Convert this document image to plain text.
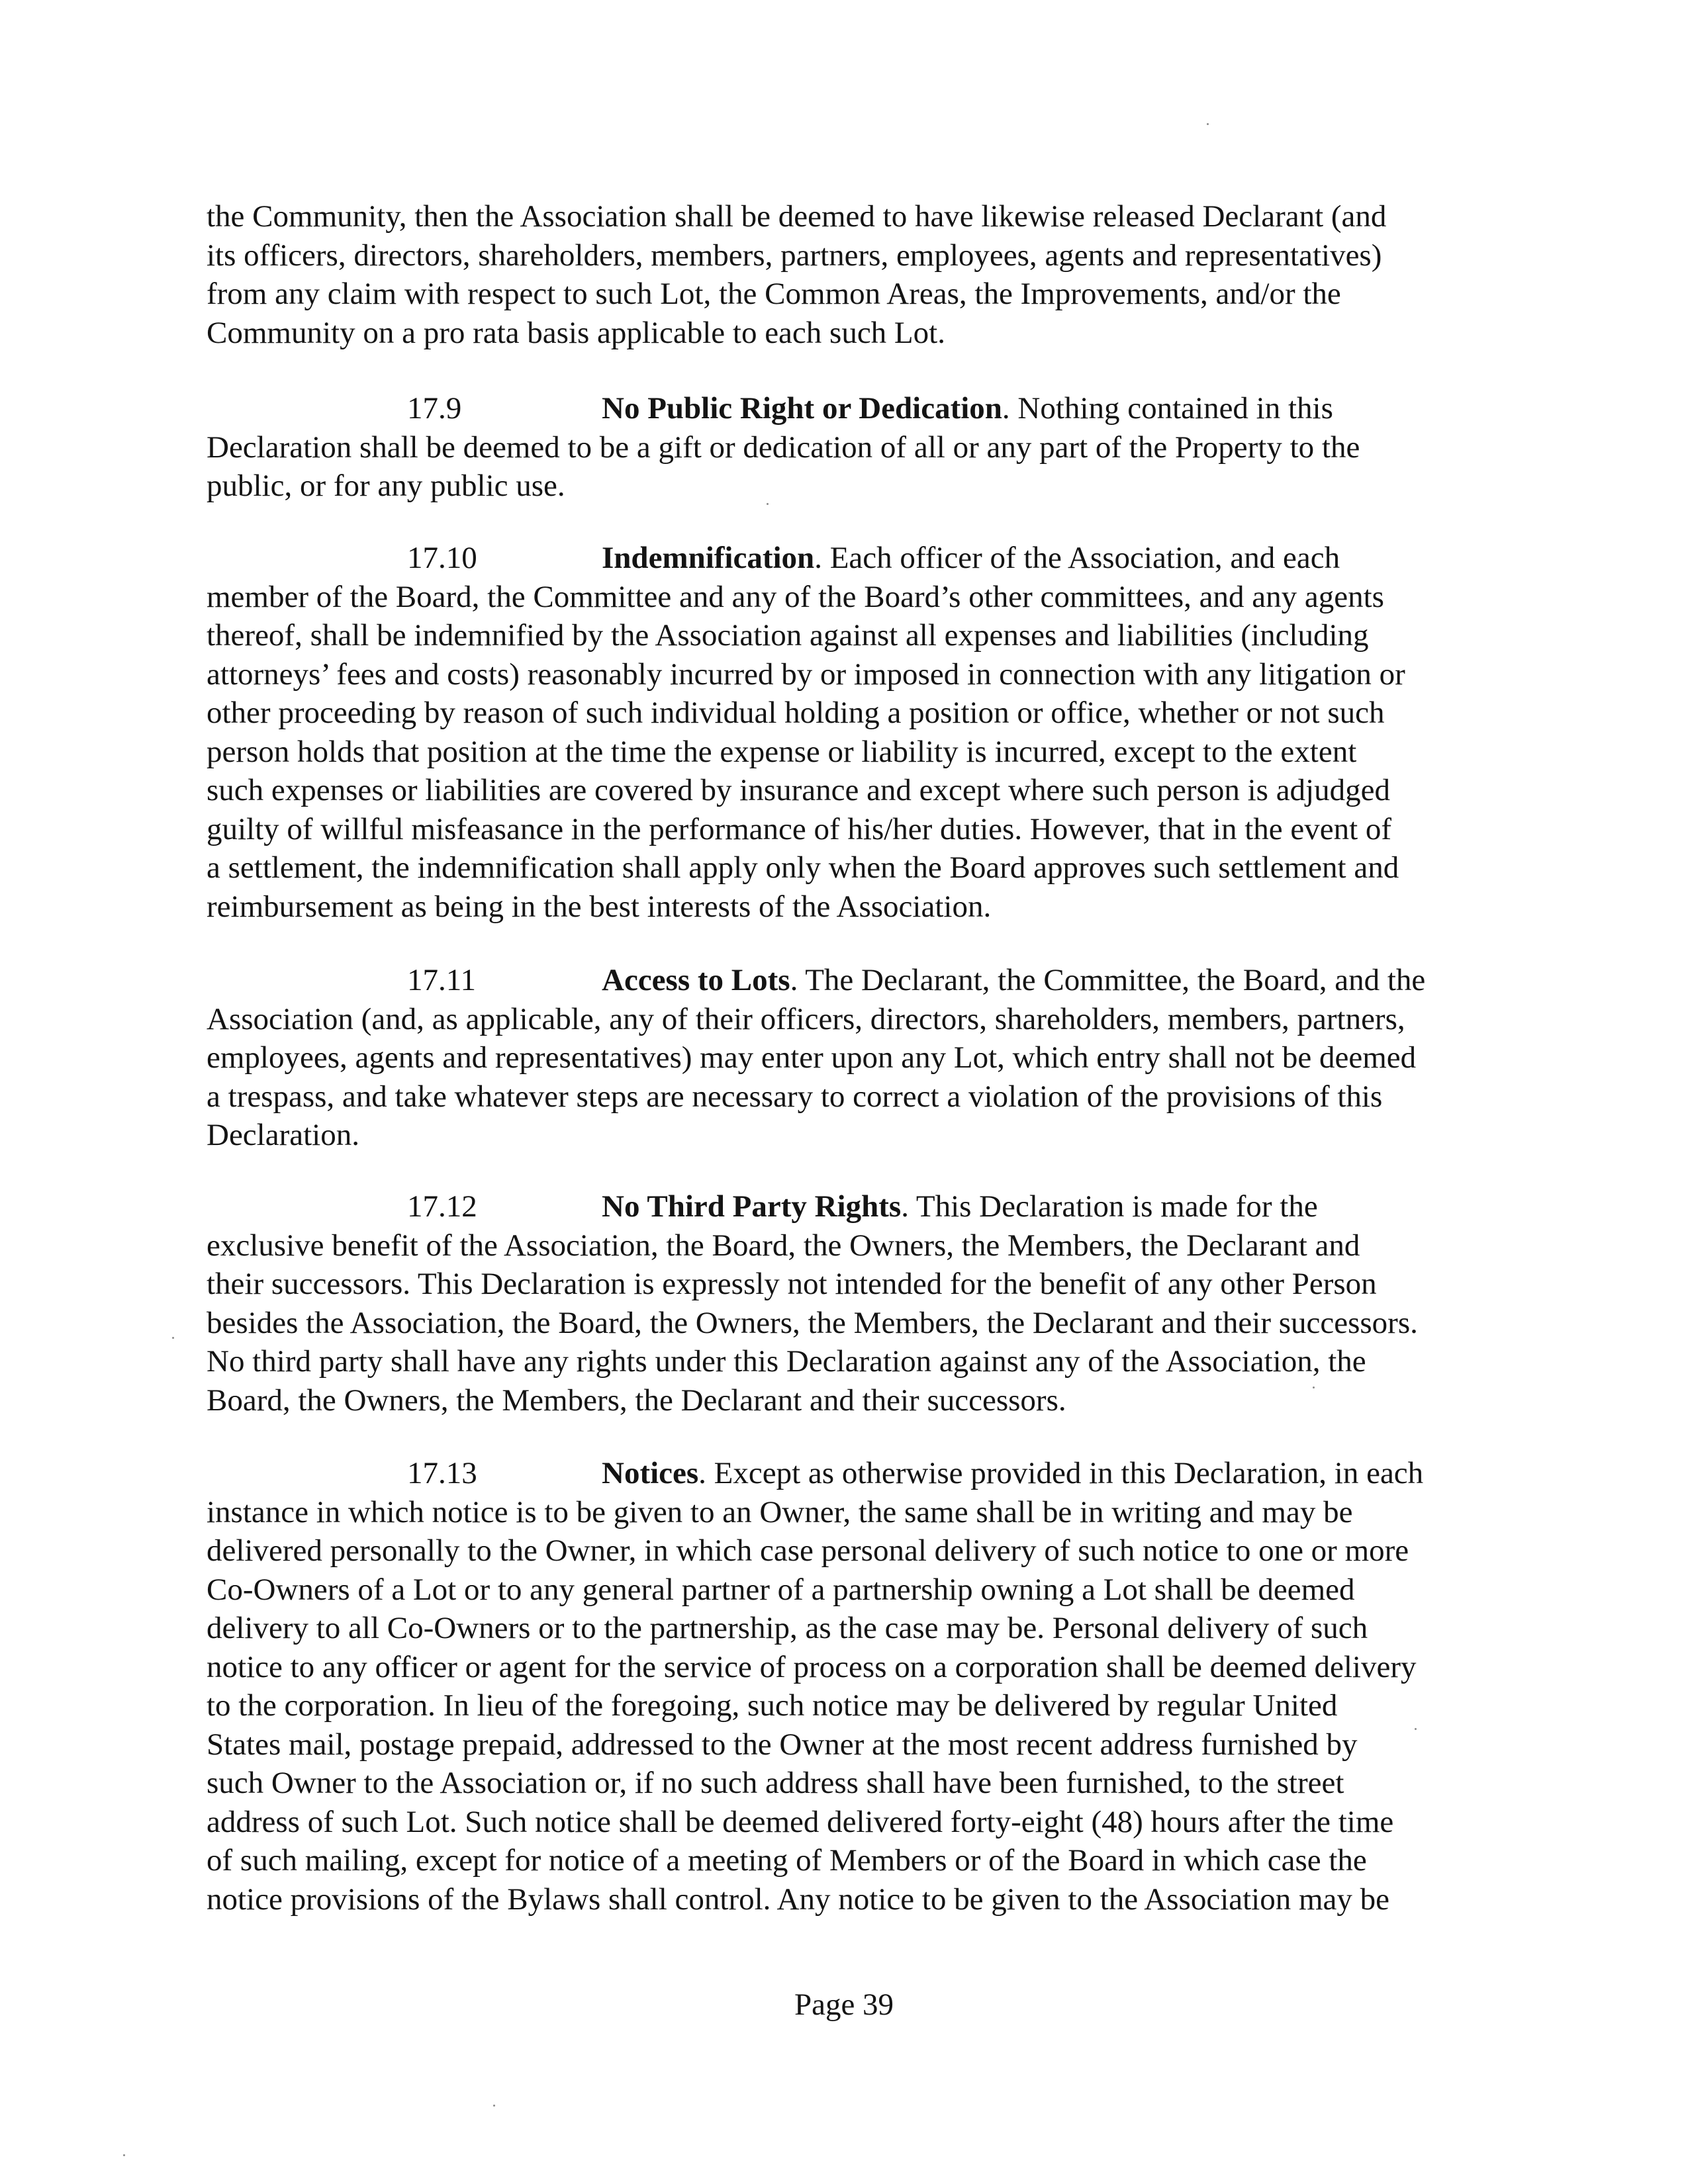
the Community, then the Association shall be deemed to have likewise released Declarant (and
its officers, directors, shareholders, members, partners, employees, agents and representatives)
from any claim with respect to such Lot, the Common Areas, the Improvements, and/or the
Community on a pro rata basis applicable to each such Lot.

17.9	No Public Right or Dedication. Nothing contained in this
Declaration shall be deemed to be a gift or dedication of all or any part of the Property to the
public, or for any public use.

17.10	Indemnification. Each officer of the Association, and each
member of the Board, the Committee and any of the Board’s other committees, and any agents
thereof, shall be indemnified by the Association against all expenses and liabilities (including
attorneys’ fees and costs) reasonably incurred by or imposed in connection with any litigation or
other proceeding by reason of such individual holding a position or office, whether or not such
person holds that position at the time the expense or liability is incurred, except to the extent
such expenses or liabilities are covered by insurance and except where such person is adjudged
guilty of willful misfeasance in the performance of his/her duties. However, that in the event of
a settlement, the indemnification shall apply only when the Board approves such settlement and
reimbursement as being in the best interests of the Association.

17.11	Access to Lots. The Declarant, the Committee, the Board, and the
Association (and, as applicable, any of their officers, directors, shareholders, members, partners,
employees, agents and representatives) may enter upon any Lot, which entry shall not be deemed
a trespass, and take whatever steps are necessary to correct a violation of the provisions of this
Declaration.

17.12	No Third Party Rights. This Declaration is made for the
exclusive benefit of the Association, the Board, the Owners, the Members, the Declarant and
their successors. This Declaration is expressly not intended for the benefit of any other Person
besides the Association, the Board, the Owners, the Members, the Declarant and their successors.
No third party shall have any rights under this Declaration against any of the Association, the
Board, the Owners, the Members, the Declarant and their successors.

17.13	Notices. Except as otherwise provided in this Declaration, in each
instance in which notice is to be given to an Owner, the same shall be in writing and may be
delivered personally to the Owner, in which case personal delivery of such notice to one or more
Co-Owners of a Lot or to any general partner of a partnership owning a Lot shall be deemed
delivery to all Co-Owners or to the partnership, as the case may be. Personal delivery of such
notice to any officer or agent for the service of process on a corporation shall be deemed delivery
to the corporation. In lieu of the foregoing, such notice may be delivered by regular United
States mail, postage prepaid, addressed to the Owner at the most recent address furnished by
such Owner to the Association or, if no such address shall have been furnished, to the street
address of such Lot. Such notice shall be deemed delivered forty-eight (48) hours after the time
of such mailing, except for notice of a meeting of Members or of the Board in which case the
notice provisions of the Bylaws shall control. Any notice to be given to the Association may be

Page 39
